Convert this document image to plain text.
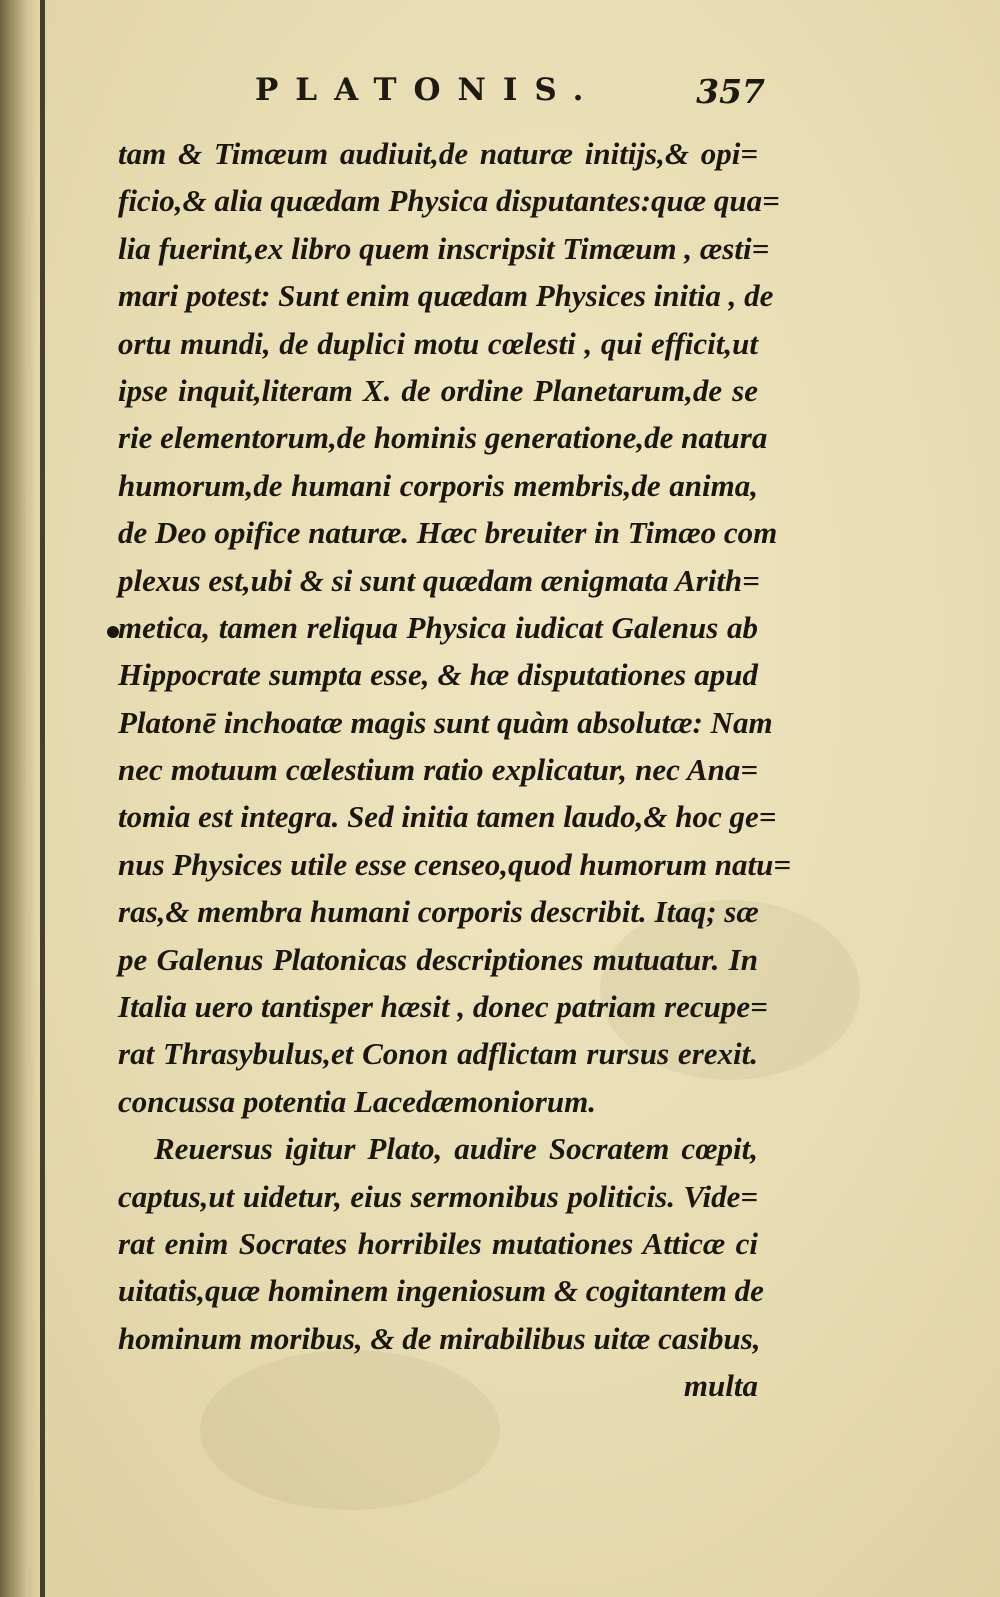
PLATONIS.	357
tam & Timæum audiuit,de naturæ initijs,& opi=
ficio,& alia quædam Physica disputantes:quæ qua=
lia fuerint,ex libro quem inscripsit Timæum , æsti=
mari potest: Sunt enim quædam Physices initia , de
ortu mundi, de duplici motu cœlesti , qui efficit,ut
ipse inquit,literam X. de ordine Planetarum,de se
rie elementorum,de hominis generatione,de natura
humorum,de humani corporis membris,de anima,
de Deo opifice naturæ. Hæc breuiter in Timæo com
plexus est,ubi & si sunt quædam ænigmata Arith=
metica, tamen reliqua Physica iudicat Galenus ab
Hippocrate sumpta esse, & hæ disputationes apud
Platonē inchoatæ magis sunt quàm absolutæ: Nam
nec motuum cœlestium ratio explicatur, nec Ana=
tomia est integra. Sed initia tamen laudo,& hoc ge=
nus Physices utile esse censeo,quod humorum natu=
ras,& membra humani corporis describit. Itaq; sæ
pe Galenus Platonicas descriptiones mutuatur. In
Italia uero tantisper hæsit , donec patriam recupe=
rat Thrasybulus,et Conon adflictam rursus erexit.
concussa potentia Lacedæmoniorum.
Reuersus igitur Plato, audire Socratem cœpit,
captus,ut uidetur, eius sermonibus politicis. Vide=
rat enim Socrates horribiles mutationes Atticæ ci
uitatis,quæ hominem ingeniosum & cogitantem de
hominum moribus, & de mirabilibus uitæ casibus,
multa
